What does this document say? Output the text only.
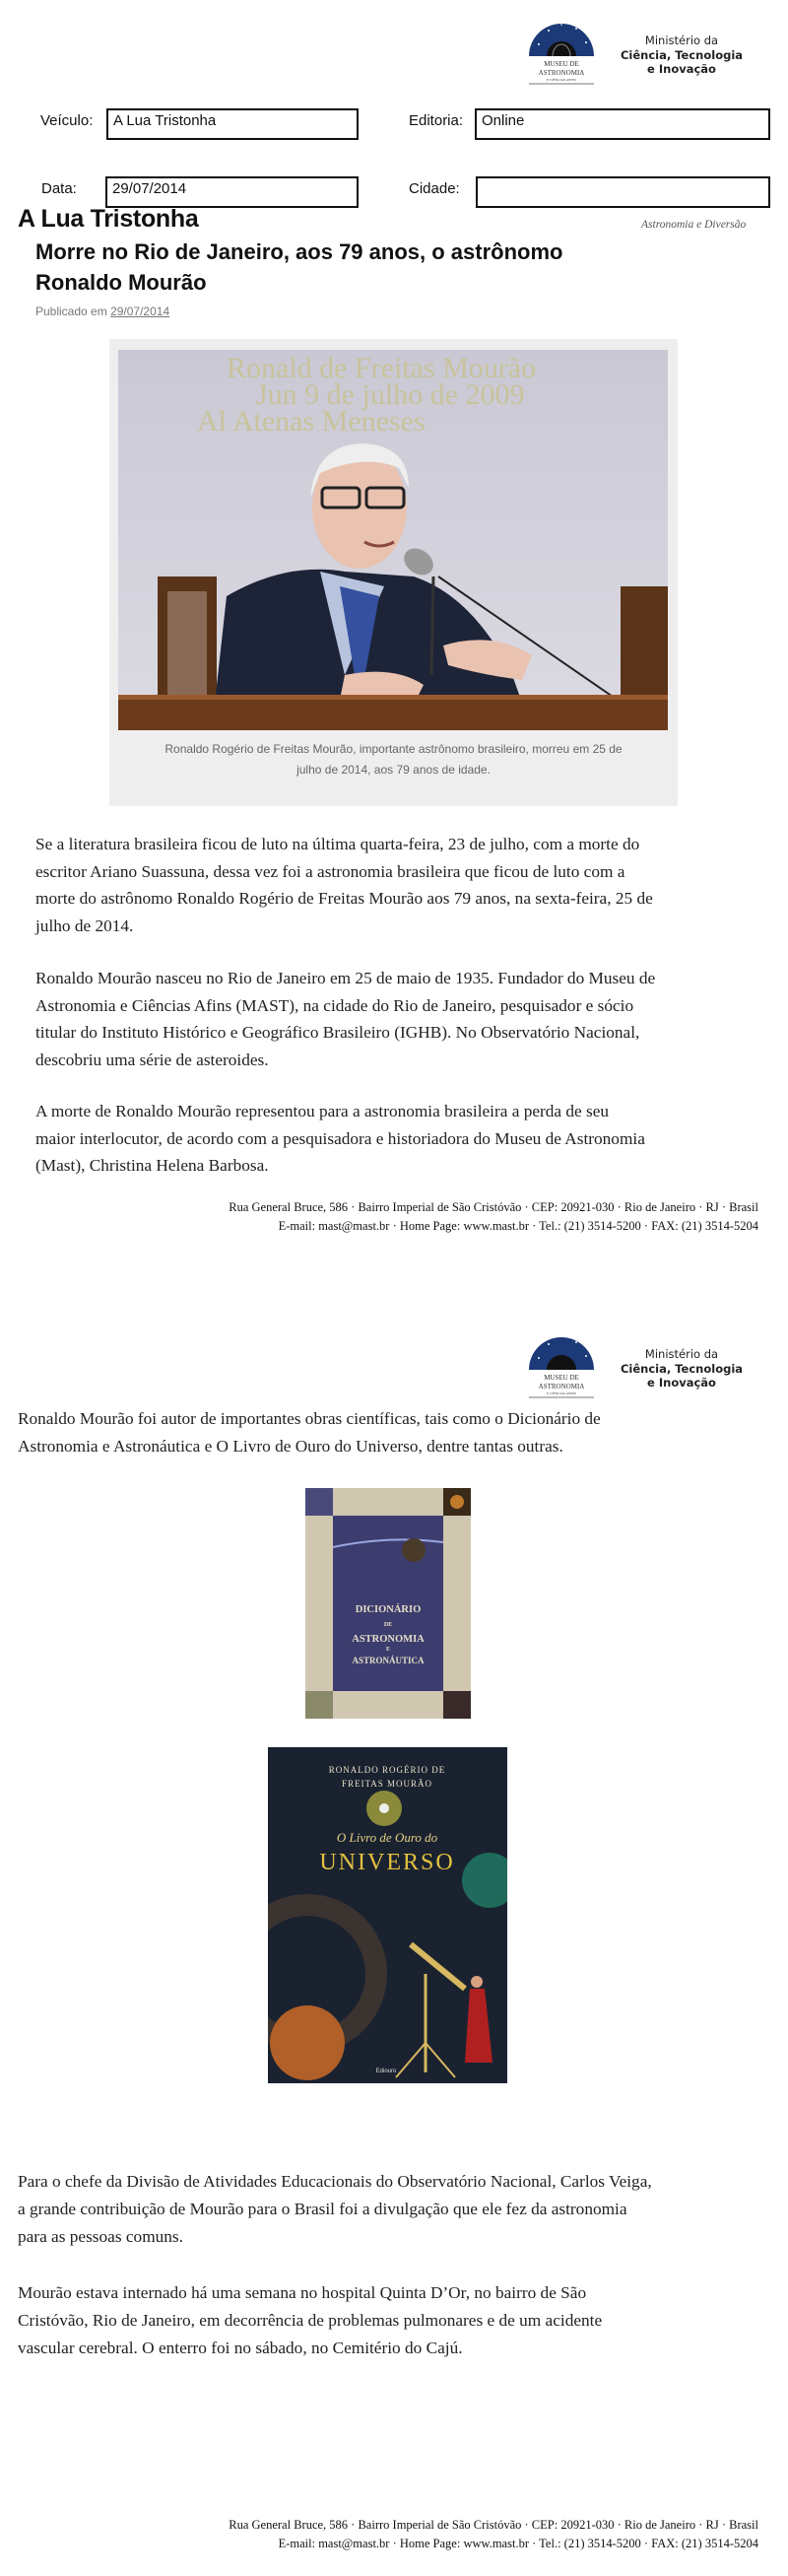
MUSEU DE
ASTRONOMIA
E CIÊNCIAS AFINS
Ministério da
Ciência, Tecnologia
e Inovação
Veículo:	A Lua Tristonha	Editoria:	Online
Data:	29/07/2014	Cidade:
A Lua Tristonha	Astronomia e Diversão
Morre no Rio de Janeiro, aos 79 anos, o astrônomo
Ronaldo Mourão
Publicado em 29/07/2014
Ronald de Freitas Mourão
Jun 9 de julho de 2009
Al Atenas Meneses
Ronaldo Rogério de Freitas Mourão, importante astrônomo brasileiro, morreu em 25 de
julho de 2014, aos 79 anos de idade.
Se a literatura brasileira ficou de luto na última quarta-feira, 23 de julho, com a morte do
escritor Ariano Suassuna, dessa vez foi a astronomia brasileira que ficou de luto com a
morte do astrônomo Ronaldo Rogério de Freitas Mourão aos 79 anos, na sexta-feira, 25 de
julho de 2014.
Ronaldo Mourão nasceu no Rio de Janeiro em 25 de maio de 1935. Fundador do Museu de
Astronomia e Ciências Afins (MAST), na cidade do Rio de Janeiro, pesquisador e sócio
titular do Instituto Histórico e Geográfico Brasileiro (IGHB). No Observatório Nacional,
descobriu uma série de asteroides.
A morte de Ronaldo Mourão representou para a astronomia brasileira a perda de seu
maior interlocutor, de acordo com a pesquisadora e historiadora do Museu de Astronomia
(Mast), Christina Helena Barbosa.
Rua General Bruce, 586 · Bairro Imperial de São Cristóvão · CEP: 20921-030 · Rio de Janeiro · RJ · Brasil
E-mail: mast@mast.br · Home Page: www.mast.br · Tel.: (21) 3514-5200 · FAX: (21) 3514-5204
MUSEU DE
ASTRONOMIA
E CIÊNCIAS AFINS
Ministério da
Ciência, Tecnologia
e Inovação
Ronaldo Mourão foi autor de importantes obras científicas, tais como o Dicionário de
Astronomia e Astronáutica e O Livro de Ouro do Universo, dentre tantas outras.
DICIONÁRIO
DE
ASTRONOMIA
E
ASTRONÁUTICA
RONALDO ROGÉRIO DE
FREITAS MOURÃO
O Livro de Ouro do
UNIVERSO
Ediouro
Para o chefe da Divisão de Atividades Educacionais do Observatório Nacional, Carlos Veiga,
a grande contribuição de Mourão para o Brasil foi a divulgação que ele fez da astronomia
para as pessoas comuns.
Mourão estava internado há uma semana no hospital Quinta D’Or, no bairro de São
Cristóvão, Rio de Janeiro, em decorrência de problemas pulmonares e de um acidente
vascular cerebral. O enterro foi no sábado, no Cemitério do Cajú.
Rua General Bruce, 586 · Bairro Imperial de São Cristóvão · CEP: 20921-030 · Rio de Janeiro · RJ · Brasil
E-mail: mast@mast.br · Home Page: www.mast.br · Tel.: (21) 3514-5200 · FAX: (21) 3514-5204
